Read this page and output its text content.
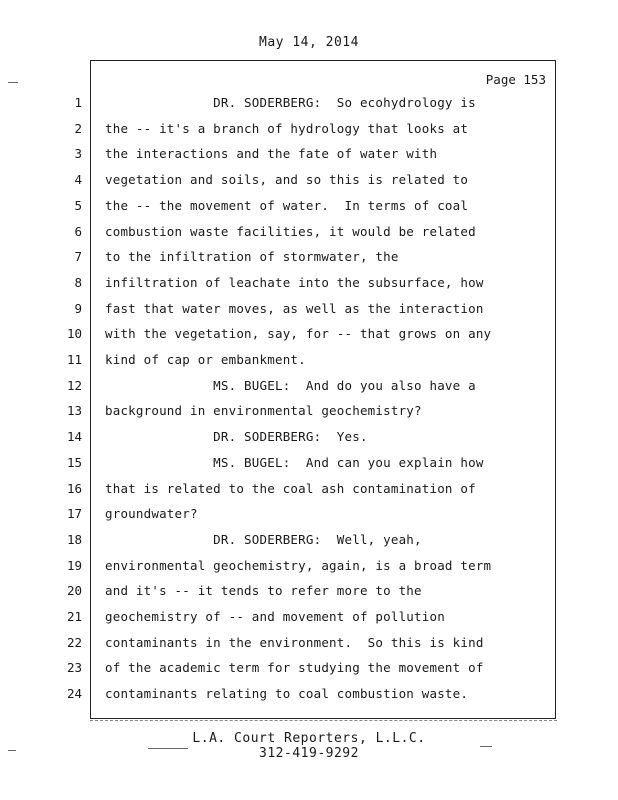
May 14, 2014
Page 153
1 DR. SODERBERG:  So ecohydrology is
2 the -- it's a branch of hydrology that looks at
3 the interactions and the fate of water with
4 vegetation and soils, and so this is related to
5 the -- the movement of water.  In terms of coal
6 combustion waste facilities, it would be related
7 to the infiltration of stormwater, the
8 infiltration of leachate into the subsurface, how
9 fast that water moves, as well as the interaction
10 with the vegetation, say, for -- that grows on any
11 kind of cap or embankment.
12 MS. BUGEL:  And do you also have a
13 background in environmental geochemistry?
14 DR. SODERBERG:  Yes.
15 MS. BUGEL:  And can you explain how
16 that is related to the coal ash contamination of
17 groundwater?
18 DR. SODERBERG:  Well, yeah,
19 environmental geochemistry, again, is a broad term
20 and it's -- it tends to refer more to the
21 geochemistry of -- and movement of pollution
22 contaminants in the environment.  So this is kind
23 of the academic term for studying the movement of
24 contaminants relating to coal combustion waste.
L.A. Court Reporters, L.L.C.
312-419-9292
